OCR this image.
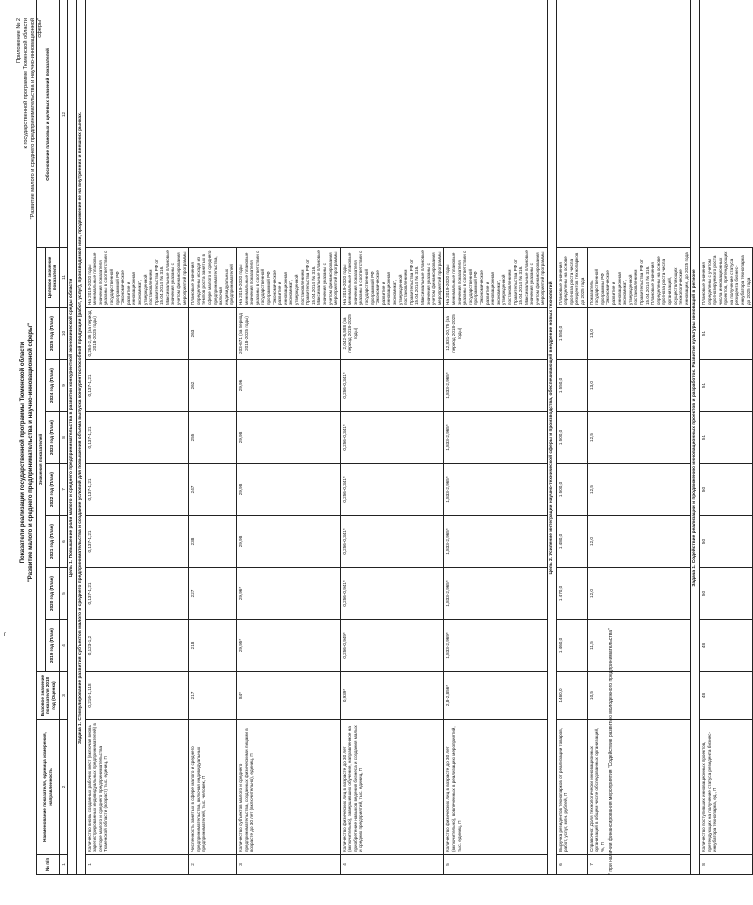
Приложение № 2 к государственной программе Тюменской области "Развитие малого и среднего предпринимательства и научно-инновационной сферы"
Показатели реализации государственной программы Тюменской области "Развитие малого и среднего предпринимательства и научно-инновационной сферы"
№ п/п	Наименование показателя, единица измерения, направленность	Базовое значение показателя 2018 год (Оценка)	Значения показателей								Обоснование плановых и целевых значений показателей
			2019 год (План)	2020 год (План)	2021 год (План)	2022 год (План)	2023 год (План)	2024 год (План)	2025 год (План)	Целевое значение показателя	
1	2	3	4	5	6	7	8	9	10	11	12
Цель 1. Повышение роли малого и среднего предпринимательства в развитии конкурентной экономической среды области											
Задача 1. Стимулирование развития субъектов малого и среднего предпринимательства и создание условий для повышения объема выпуска конкурентоспособной продукции (работ, услуг), производимой ими, продвижение ее на внутренних и внешних рынках.											
1	Количество вновь созданных рабочих мест (включая вновь зарегистрированных индивидуальных предпринимателей) в секторе малого и среднего предпринимательства Тюменской области (возраст) тыс. единиц, П	0,216-1,118	0,123-1,2	0,137-1,21	0,137-1,21	0,137-1,21	0,137-1,21	0,137-1,21	0,264-2,46 (за период 2018-2025 годы)	На 2019-2020 годы минимальные плановые значения показателя указаны в соответствии с государственной программой РФ "Экономическое развитие и инновационная экономика", утвержденной постановлением Правительства РФ от 15.04.2014 № 316. Максимальные плановые значения указаны с учетом финансирования мероприятий программы	
2	Численность занятых в сфере малого и среднего предпринимательства, включая индивидуальных предпринимателей, тыс. человек, П	217	218	227	238	247	255	262	263	Плановые значения определены исходя из темпов роста занятых в сфере малого и среднего предпринимательства, включая индивидуальных предпринимателей	
3	Количество субъектов малого и среднего предпринимательства, созданных физическими лицами в возрасте до 30 лет (включительно), единиц, П	84*	29,95*	29,96*	29,98	29,98	29,98	29,96	203-671 (за период 2018-2025 годы)	На 2019-2020 годы минимальные плановые значения показателя указаны в соответствии с государственной программой РФ "Экономическое развитие и инновационная экономика", утвержденной постановлением Правительства РФ от 15.04.2014 № 316. Максимальные плановые значения указаны с учетом финансирования мероприятий программы	
4	Количество физических лиц в возрасте до 30 лет (включительно), завершивших обучение, направленное на приобретение навыков ведения бизнеса и создания малых и средних предприятий, тыс. единиц, П	0,939*	0,256-0,949*	0,256-0,941*	0,256-0,341*	0,256-0,341*	0,256-0,341*	0,256-0,341*	2,042-6,588 (за период 2018-2025 годы)	На 2019-2020 годы минимальные плановые значения показателя указаны в соответствии с государственной программой РФ "Экономическое развитие и инновационная экономика", утвержденной постановлением Правительства РФ от 15.04.2014 № 316. Максимальные плановые значения указаны с учетом финансирования мероприятий программы	
5	Количество физических лиц в возрасте до 30 лет (включительно), вовлеченных в реализацию мероприятий, тыс. единиц, П	2,8-2,856*	1,833-2,969*	1,833-2,965*	1,833-2,965*	1,833-2,965*	1,833-2,965*	1,833-2,965*	12,831-20,75 (за период 2018-2025 годы)	На 2019-2020 годы минимальные плановые значения показателя указаны в соответствии с государственной программой РФ "Экономическое развитие и инновационная экономика", утвержденной постановлением Правительства РФ от 15.04.2014 № 316. Максимальные плановые значения указаны с учетом финансирования мероприятий программы	
Цель 2. Усиление интеграции научно-технической сферы и производства, обеспечивающей внедрение новых технологий											
6	Выручка резидентов технопарков от реализации товаров, работ, услуг, млн. рублей, П	1460,0	1 460,0	1 470,0	1 480,0	1 500,0	1 500,0	1 550,0	1 550,0	Плановые значения определены на основе прогноза роста числа резидентов технопарков до 2025 года	
7	Справочно: Доля технологически инновационных организаций в общем числе обследованных организаций, %, П	10,5	11,5	12,0	12,0	12,5	12,5	13,0	13,0	Показатель государственной программы РФ "Экономическое развитие и инновационная экономика", утвержденной постановлением Правительства РФ от 15.04.2014 № 316. Плановые значения определены на основе прогноза роста числа организаций, осуществляющих технологические инновации, до 2025 года	
Задача 1. Содействие реализации и продвижению инновационных проектов и разработок. Развитие культуры инноваций в регионе											
8	Количество поступивших инновационных проектов, претендующих на получение статуса резидента бизнес-инкубатора технопарка, ед., П	48	48	50	50	50	51	51	51	Плановые значения определены с учетом прогнозируемого роста числа инновационных проектов, претендующих на получение статуса резидента бизнес-инкубатора технопарка до 2025 года	
* при наличии финансирования мероприятия "Содействие развитию молодежного предпринимательства"
г
